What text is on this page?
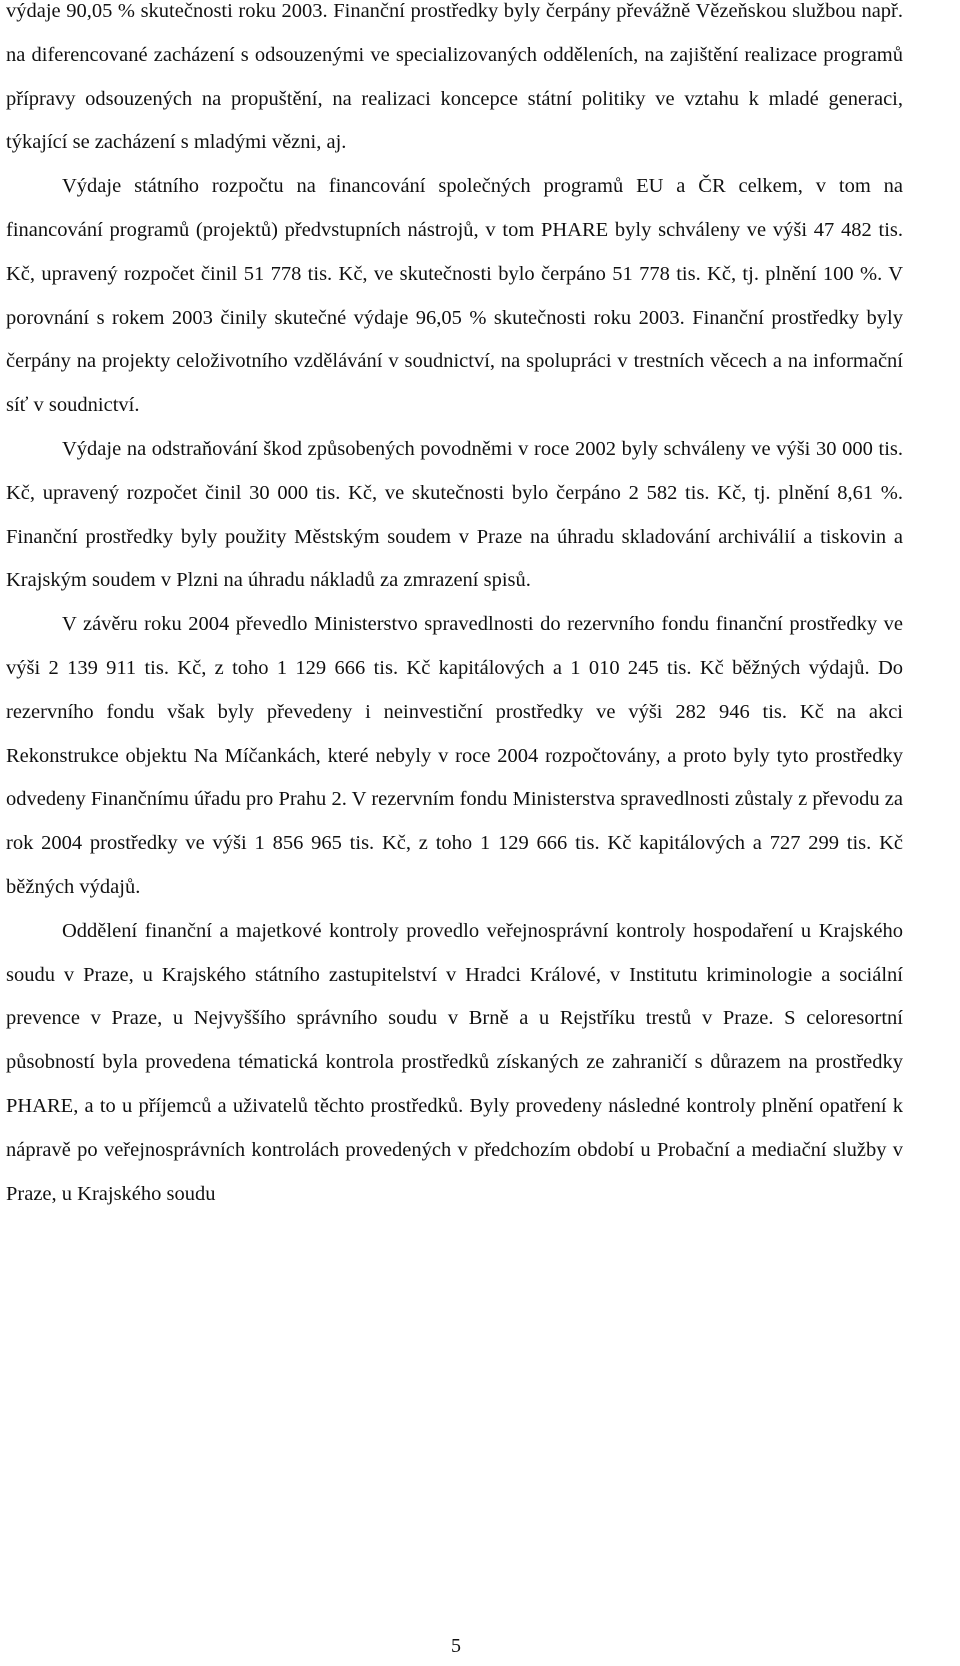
výdaje 90,05 % skutečnosti roku 2003. Finanční prostředky byly čerpány převážně Vězeňskou službou např. na diferencované zacházení s odsouzenými ve specializovaných odděleních, na zajištění realizace programů přípravy odsouzených na propuštění, na realizaci koncepce státní politiky ve vztahu k mladé generaci, týkající se zacházení s mladými vězni, aj.

Výdaje státního rozpočtu na financování společných programů EU a ČR celkem, v tom na financování programů (projektů) předvstupních nástrojů, v tom PHARE byly schváleny ve výši 47 482 tis. Kč, upravený rozpočet činil 51 778 tis. Kč, ve skutečnosti bylo čerpáno 51 778 tis. Kč, tj. plnění 100 %. V porovnání s rokem 2003 činily skutečné výdaje 96,05 % skutečnosti roku 2003. Finanční prostředky byly čerpány na projekty celoživotního vzdělávání v soudnictví, na spolupráci v trestních věcech a na informační síť v soudnictví.

Výdaje na odstraňování škod způsobených povodněmi v roce 2002 byly schváleny ve výši 30 000 tis. Kč, upravený rozpočet činil 30 000 tis. Kč, ve skutečnosti bylo čerpáno 2 582 tis. Kč, tj. plnění 8,61 %. Finanční prostředky byly použity Městským soudem v Praze na úhradu skladování archiválií a tiskovin a Krajským soudem v Plzni na úhradu nákladů za zmrazení spisů.

V závěru roku 2004 převedlo Ministerstvo spravedlnosti do rezervního fondu finanční prostředky ve výši 2 139 911 tis. Kč, z toho 1 129 666 tis. Kč kapitálových a 1 010 245 tis. Kč běžných výdajů. Do rezervního fondu však byly převedeny i neinvestiční prostředky ve výši 282 946 tis. Kč na akci Rekonstrukce objektu Na Míčankách, které nebyly v roce 2004 rozpočtovány, a proto byly tyto prostředky odvedeny Finančnímu úřadu pro Prahu 2. V rezervním fondu Ministerstva spravedlnosti zůstaly z převodu za rok 2004 prostředky ve výši 1 856 965 tis. Kč, z toho 1 129 666 tis. Kč kapitálových a 727 299 tis. Kč běžných výdajů.

Oddělení finanční a majetkové kontroly provedlo veřejnosprávní kontroly hospodaření u Krajského soudu v Praze, u Krajského státního zastupitelství v Hradci Králové, v Institutu kriminologie a sociální prevence v Praze, u Nejvyššího správního soudu v Brně a u Rejstříku trestů v Praze. S celoresortní působností byla provedena tématická kontrola prostředků získaných ze zahraničí s důrazem na prostředky PHARE, a to u příjemců a uživatelů těchto prostředků. Byly provedeny následné kontroly plnění opatření k nápravě po veřejnosprávních kontrolách provedených v předchozím období u Probační a mediační služby v Praze, u Krajského soudu

5
